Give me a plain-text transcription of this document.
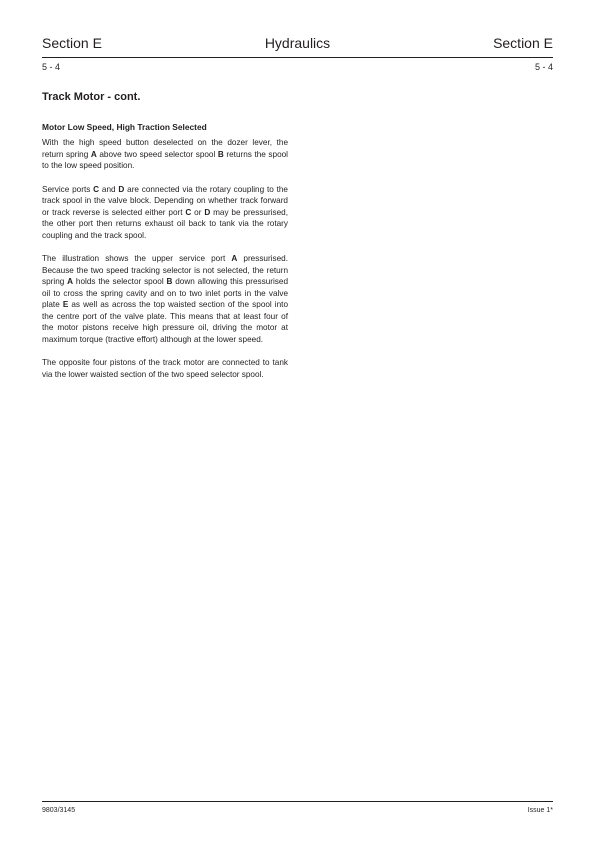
Section E	Hydraulics	Section E
5 - 4	5 - 4
Track Motor - cont.
Motor Low Speed, High Traction Selected

With the high speed button deselected on the dozer lever, the return spring A above two speed selector spool B returns the spool to the low speed position.

Service ports C and D are connected via the rotary coupling to the track spool in the valve block. Depending on whether track forward or track reverse is selected either port C or D may be pressurised, the other port then returns exhaust oil back to tank via the rotary coupling and the track spool.

The illustration shows the upper service port A pressurised. Because the two speed tracking selector is not selected, the return spring A holds the selector spool B down allowing this pressurised oil to cross the spring cavity and on to two inlet ports in the valve plate E as well as across the top waisted section of the spool into the centre port of the valve plate. This means that at least four of the motor pistons receive high pressure oil, driving the motor at maximum torque (tractive effort) although at the lower speed.

The opposite four pistons of the track motor are connected to tank via the lower waisted section of the two speed selector spool.

9803/3145	Issue 1*
